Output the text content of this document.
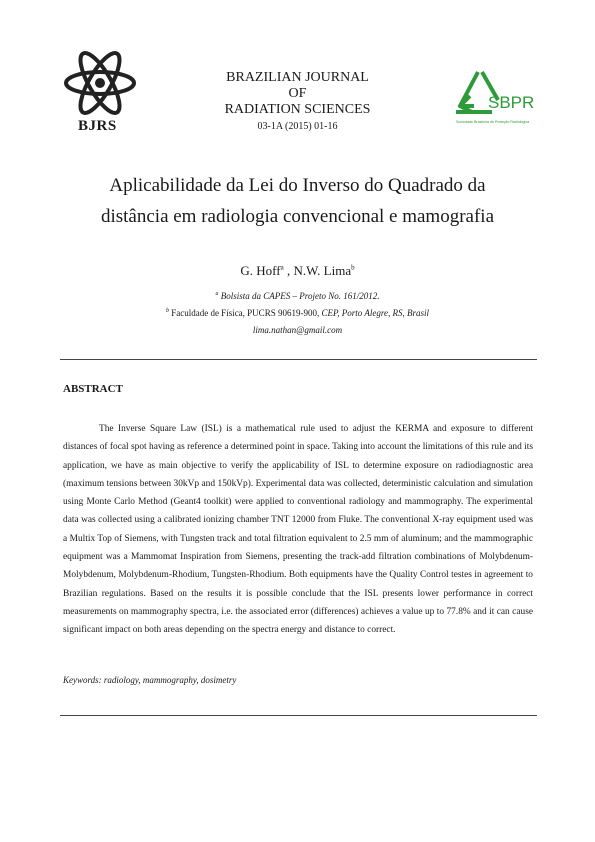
BJRS
BRAZILIAN JOURNAL
OF
RADIATION SCIENCES
03-1A (2015) 01-16
SBPR
Sociedade Brasileira de Proteção Radiológica
Aplicabilidade da Lei do Inverso do Quadrado da
distância em radiologia convencional e mamografia
G. Hoff$^a$ , N.W. Lima$^b$
$^a$ Bolsista da CAPES – Projeto No. 161/2012.
$^b$ Faculdade de Física, PUCRS 90619-900, CEP, Porto Alegre, RS, Brasil
lima.nathan@gmail.com
ABSTRACT
The Inverse Square Law (ISL) is a mathematical rule used to adjust the KERMA and exposure to different distances of focal spot having as reference a determined point in space. Taking into account the limitations of this rule and its application, we have as main objective to verify the applicability of ISL to determine exposure on radiodiagnostic area (maximum tensions between 30kVp and 150kVp). Experimental data was collected, deterministic calculation and simulation using Monte Carlo Method (Geant4 toolkit) were applied to conventional radiology and mammography. The experimental data was collected using a calibrated ionizing chamber TNT 12000 from Fluke. The conventional X-ray equipment used was a Multix Top of Siemens, with Tungsten track and total filtration equivalent to 2.5 mm of aluminum; and the mammographic equipment was a Mammomat Inspiration from Siemens, presenting the track-add filtration combinations of Molybdenum-Molybdenum, Molybdenum-Rhodium, Tungsten-Rhodium. Both equipments have the Quality Control testes in agreement to Brazilian regulations. Based on the results it is possible conclude that the ISL presents lower performance in correct measurements on mammography spectra, i.e. the associated error (differences) achieves a value up to 77.8% and it can cause significant impact on both areas depending on the spectra energy and distance to correct.
Keywords: radiology, mammography, dosimetry
